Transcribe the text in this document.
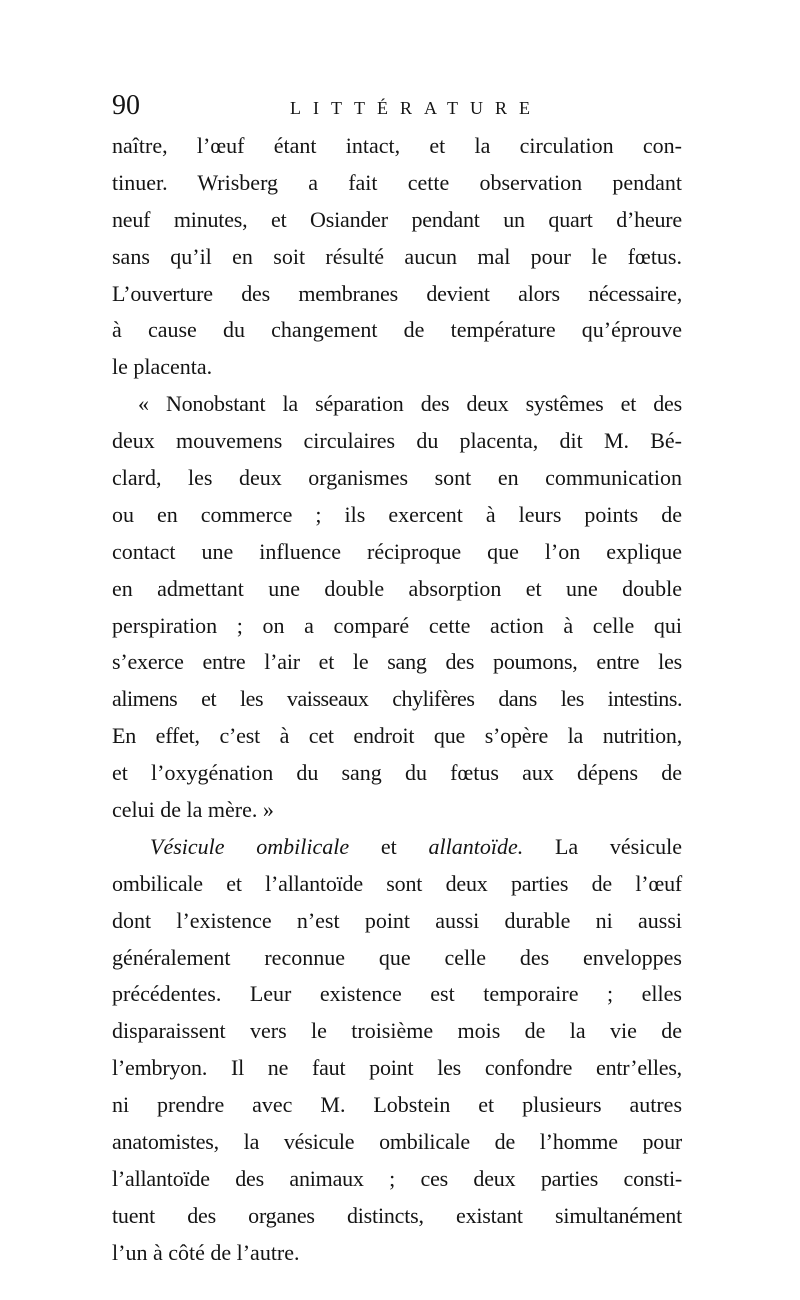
90	LITTÉRATURE
naître, l’œuf étant intact, et la circulation con-
tinuer. Wrisberg a fait cette observation pendant
neuf minutes, et Osiander pendant un quart d’heure
sans qu’il en soit résulté aucun mal pour le fœtus.
L’ouverture des membranes devient alors nécessaire,
à cause du changement de température qu’éprouve
le placenta.
« Nonobstant la séparation des deux systêmes et des
deux mouvemens circulaires du placenta, dit M. Bé-
clard, les deux organismes sont en communication
ou en commerce ; ils exercent à leurs points de
contact une influence réciproque que l’on explique
en admettant une double absorption et une double
perspiration ; on a comparé cette action à celle qui
s’exerce entre l’air et le sang des poumons, entre les
alimens et les vaisseaux chylifères dans les intestins.
En effet, c’est à cet endroit que s’opère la nutrition,
et l’oxygénation du sang du fœtus aux dépens de
celui de la mère. »
Vésicule ombilicale et allantoïde. La vésicule
ombilicale et l’allantoïde sont deux parties de l’œuf
dont l’existence n’est point aussi durable ni aussi
généralement reconnue que celle des enveloppes
précédentes. Leur existence est temporaire ; elles
disparaissent vers le troisième mois de la vie de
l’embryon. Il ne faut point les confondre entr’elles,
ni prendre avec M. Lobstein et plusieurs autres
anatomistes, la vésicule ombilicale de l’homme pour
l’allantoïde des animaux ; ces deux parties consti-
tuent des organes distincts, existant simultanément
l’un à côté de l’autre.
